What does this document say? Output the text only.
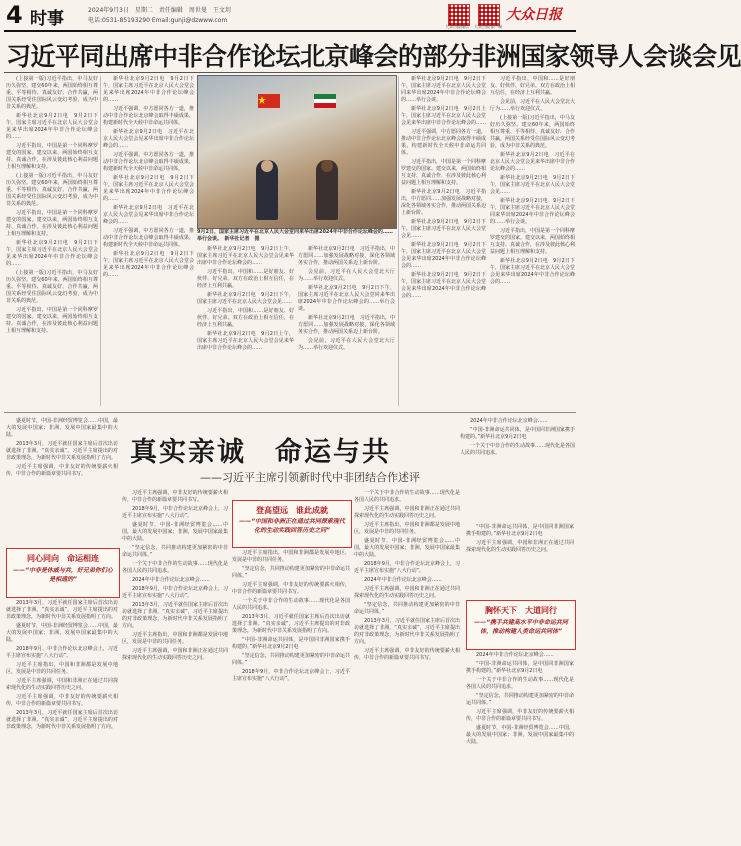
4 时事	2024年9月3日　星期二　责任编辑　周世曼　王文玥
电话:0531-85193290 Email:gunji@dzwww.com
大众日报微信 大众日报客户端
大众日报
习近平同出席中非合作论坛北京峰会的部分非洲国家领导人会谈会见

(上接第一版)习近平指出，中马友好历久弥坚。建交60年来，两国始终相互尊重、平等相待、真诚友好、合作共赢，两国关系经受住国际风云变幻考验，成为中非关系的典范。

新华社北京9月2日电　9月2日下午，国家主席习近平在北京人民大会堂会见来华出席2024年中非合作论坛峰会的……

习近平指出，中国是第一个同科摩罗建交的国家。建交以来，两国始终相互支持、真诚合作，在涉及彼此核心利益问题上相互理解和支持。

(上接第一版)习近平指出，中马友好历久弥坚。建交60年来，两国始终相互尊重、平等相待、真诚友好、合作共赢，两国关系经受住国际风云变幻考验，成为中非关系的典范。

习近平指出，中国是第一个同科摩罗建交的国家。建交以来，两国始终相互支持、真诚合作，在涉及彼此核心利益问题上相互理解和支持。

新华社北京9月2日电　9月2日下午，国家主席习近平在北京人民大会堂会见来华出席2024年中非合作论坛峰会的……

(上接第一版)习近平指出，中马友好历久弥坚。建交60年来，两国始终相互尊重、平等相待、真诚友好、合作共赢，两国关系经受住国际风云变幻考验，成为中非关系的典范。

习近平指出，中国是第一个同科摩罗建交的国家。建交以来，两国始终相互支持、真诚合作，在涉及彼此核心利益问题上相互理解和支持。

新华社北京9月2日电　9月2日下午，国家主席习近平在北京人民大会堂会见来华出席2024年中非合作论坛峰会的……

习近平强调，中方愿同各方一道，推动中非合作论坛北京峰会取得丰硕成果，构建新时代全天候中非命运共同体。

新华社北京9月2日电　习近平在北京人民大会堂会见来华出席中非合作论坛峰会的……

习近平强调，中方愿同各方一道，推动中非合作论坛北京峰会取得丰硕成果，构建新时代全天候中非命运共同体。

新华社北京9月2日电　9月2日下午，国家主席习近平在北京人民大会堂会见来华出席2024年中非合作论坛峰会的……

新华社北京9月2日电　习近平在北京人民大会堂会见来华出席中非合作论坛峰会的……

习近平强调，中方愿同各方一道，推动中非合作论坛北京峰会取得丰硕成果，构建新时代全天候中非命运共同体。

新华社北京9月2日电　9月2日下午，国家主席习近平在北京人民大会堂会见来华出席2024年中非合作论坛峰会的……

9月2日，国家主席习近平在北京人民大会堂同来华出席2024年中非合作论坛峰会的……举行会谈。　新华社记者　摄

新华社北京9月2日电　9月2日上午，国家主席习近平在北京人民大会堂会见来华出席中非合作论坛峰会的……

习近平指出，中国和……是好朋友、好伙伴、好兄弟。双方在政治上相互信任，在经济上互利共赢。

新华社北京9月2日电　9月2日下午，国家主席习近平在北京人民大会堂会见……

习近平指出，中国和……是好朋友、好伙伴、好兄弟。双方在政治上相互信任，在经济上互利共赢。

新华社北京9月2日电　9月2日上午，国家主席习近平在北京人民大会堂会见来华出席中非合作论坛峰会的……

新华社北京9月2日电　习近平指出，中方愿同……加强发展战略对接，深化各领域务实合作，推动两国关系迈上新台阶。

会见前，习近平在人民大会堂北大厅为……举行欢迎仪式。

新华社北京9月2日电　9月2日下午，国家主席习近平在北京人民大会堂同来华出席2024年中非合作论坛峰会的……举行会谈。

新华社北京9月2日电　习近平指出，中方愿同……加强发展战略对接，深化各领域务实合作，推动两国关系迈上新台阶。

会见前，习近平在人民大会堂北大厅为……举行欢迎仪式。

新华社北京9月2日电　9月2日下午，国家主席习近平在北京人民大会堂同来华出席2024年中非合作论坛峰会的……举行会谈。

新华社北京9月2日电　9月2日上午，国家主席习近平在北京人民大会堂会见来华出席中非合作论坛峰会的……

习近平强调，中方愿同各方一道，推动中非合作论坛北京峰会取得丰硕成果，构建新时代全天候中非命运共同体。

习近平指出，中国是第一个同科摩罗建交的国家。建交以来，两国始终相互支持、真诚合作，在涉及彼此核心利益问题上相互理解和支持。

新华社北京9月2日电　习近平指出，中方愿同……加强发展战略对接，深化各领域务实合作，推动两国关系迈上新台阶。

新华社北京9月2日电　9月2日下午，国家主席习近平在北京人民大会堂会见……

新华社北京9月2日电　9月2日下午，国家主席习近平在北京人民大会堂会见来华出席2024年中非合作论坛峰会的……

新华社北京9月2日电　9月2日下午，国家主席习近平在北京人民大会堂会见来华出席2024年中非合作论坛峰会的……

习近平指出，中国和……是好朋友、好伙伴、好兄弟。双方在政治上相互信任，在经济上互利共赢。

会见前，习近平在人民大会堂北大厅为……举行欢迎仪式。

(上接第一版)习近平指出，中马友好历久弥坚。建交60年来，两国始终相互尊重、平等相待、真诚友好、合作共赢，两国关系经受住国际风云变幻考验，成为中非关系的典范。

新华社北京9月2日电　习近平在北京人民大会堂会见来华出席中非合作论坛峰会的……

新华社北京9月2日电　9月2日下午，国家主席习近平在北京人民大会堂会见……

新华社北京9月2日电　9月2日下午，国家主席习近平在北京人民大会堂同来华出席2024年中非合作论坛峰会的……举行会谈。

习近平指出，中国是第一个同科摩罗建交的国家。建交以来，两国始终相互支持、真诚合作，在涉及彼此核心利益问题上相互理解和支持。

新华社北京9月2日电　9月2日下午，国家主席习近平在北京人民大会堂会见来华出席2024年中非合作论坛峰会的……

真实亲诚　命运与共
——习近平主席引领新时代中非团结合作述评

盛夏时节，中国-非洲经贸博览会……中国，最大的发展中国家；非洲，发展中国家最集中的大陆。

2013年3月，习近平就任国家主席后首次出访就选择了非洲。“真实亲诚”，习近平主席提出的对非政策理念，为新时代中非关系发展指明了方向。

习近平主席强调，中非友好的传统要薪火相传，中非合作的新篇章要共同书写。

2024年中非合作论坛北京峰会……

“中国-非洲命运共同体，是中国同非洲国家携手构建的。”新华社北京9月2日电

一个关于中非合作的生动故事……现代化是各国人民的共同追求。

同心同向　命运相连
——“中非是休戚与共，好兄弟你们心是相通的”
登高望远　谁此成就
——“中国和非洲正在通过共同探索现代化的生动实践回答历史之问”
胸怀天下　大道同行
——“携手共建高水平中非命运共同体，推动构建人类命运共同体”

2013年3月，习近平就任国家主席后首次出访就选择了非洲。“真实亲诚”，习近平主席提出的对非政策理念，为新时代中非关系发展指明了方向。

盛夏时节，中国-非洲经贸博览会……中国，最大的发展中国家；非洲，发展中国家最集中的大陆。

2018年9月，中非合作论坛北京峰会上，习近平主席宣布实施“八大行动”。

习近平主席指出，中国和非洲都是发展中地区，发展是中非的共同任务。

习近平主席强调，中国和非洲正在通过共同探索现代化的生动实践回答历史之问。

习近平主席强调，中非友好的传统要薪火相传，中非合作的新篇章要共同书写。

2013年3月，习近平就任国家主席后首次出访就选择了非洲。“真实亲诚”，习近平主席提出的对非政策理念，为新时代中非关系发展指明了方向。

习近平主席强调，中非友好的传统要薪火相传，中非合作的新篇章要共同书写。

2018年9月，中非合作论坛北京峰会上，习近平主席宣布实施“八大行动”。

盛夏时节，中国-非洲经贸博览会……中国，最大的发展中国家；非洲，发展中国家最集中的大陆。

“坚定信念，共同推动构建更加紧密的中非命运共同体。”

一个关于中非合作的生动故事……现代化是各国人民的共同追求。

2024年中非合作论坛北京峰会……

2018年9月，中非合作论坛北京峰会上，习近平主席宣布实施“八大行动”。

2013年3月，习近平就任国家主席后首次出访就选择了非洲。“真实亲诚”，习近平主席提出的对非政策理念，为新时代中非关系发展指明了方向。

习近平主席指出，中国和非洲都是发展中地区，发展是中非的共同任务。

习近平主席强调，中国和非洲正在通过共同探索现代化的生动实践回答历史之问。

习近平主席指出，中国和非洲都是发展中地区，发展是中非的共同任务。

“坚定信念，共同推动构建更加紧密的中非命运共同体。”

习近平主席强调，中非友好的传统要薪火相传，中非合作的新篇章要共同书写。

一个关于中非合作的生动故事……现代化是各国人民的共同追求。

2013年3月，习近平就任国家主席后首次出访就选择了非洲。“真实亲诚”，习近平主席提出的对非政策理念，为新时代中非关系发展指明了方向。

“中国-非洲命运共同体，是中国同非洲国家携手构建的。”新华社北京9月2日电

“坚定信念，共同推动构建更加紧密的中非命运共同体。”

2018年9月，中非合作论坛北京峰会上，习近平主席宣布实施“八大行动”。

一个关于中非合作的生动故事……现代化是各国人民的共同追求。

习近平主席强调，中国和非洲正在通过共同探索现代化的生动实践回答历史之问。

习近平主席指出，中国和非洲都是发展中地区，发展是中非的共同任务。

盛夏时节，中国-非洲经贸博览会……中国，最大的发展中国家；非洲，发展中国家最集中的大陆。

2018年9月，中非合作论坛北京峰会上，习近平主席宣布实施“八大行动”。

2024年中非合作论坛北京峰会……

习近平主席强调，中国和非洲正在通过共同探索现代化的生动实践回答历史之问。

“坚定信念，共同推动构建更加紧密的中非命运共同体。”

2013年3月，习近平就任国家主席后首次出访就选择了非洲。“真实亲诚”，习近平主席提出的对非政策理念，为新时代中非关系发展指明了方向。

习近平主席强调，中非友好的传统要薪火相传，中非合作的新篇章要共同书写。

“中国-非洲命运共同体，是中国同非洲国家携手构建的。”新华社北京9月2日电

习近平主席强调，中国和非洲正在通过共同探索现代化的生动实践回答历史之问。

2024年中非合作论坛北京峰会……

“中国-非洲命运共同体，是中国同非洲国家携手构建的。”新华社北京9月2日电

一个关于中非合作的生动故事……现代化是各国人民的共同追求。

“坚定信念，共同推动构建更加紧密的中非命运共同体。”

习近平主席强调，中非友好的传统要薪火相传，中非合作的新篇章要共同书写。

盛夏时节，中国-非洲经贸博览会……中国，最大的发展中国家；非洲，发展中国家最集中的大陆。
